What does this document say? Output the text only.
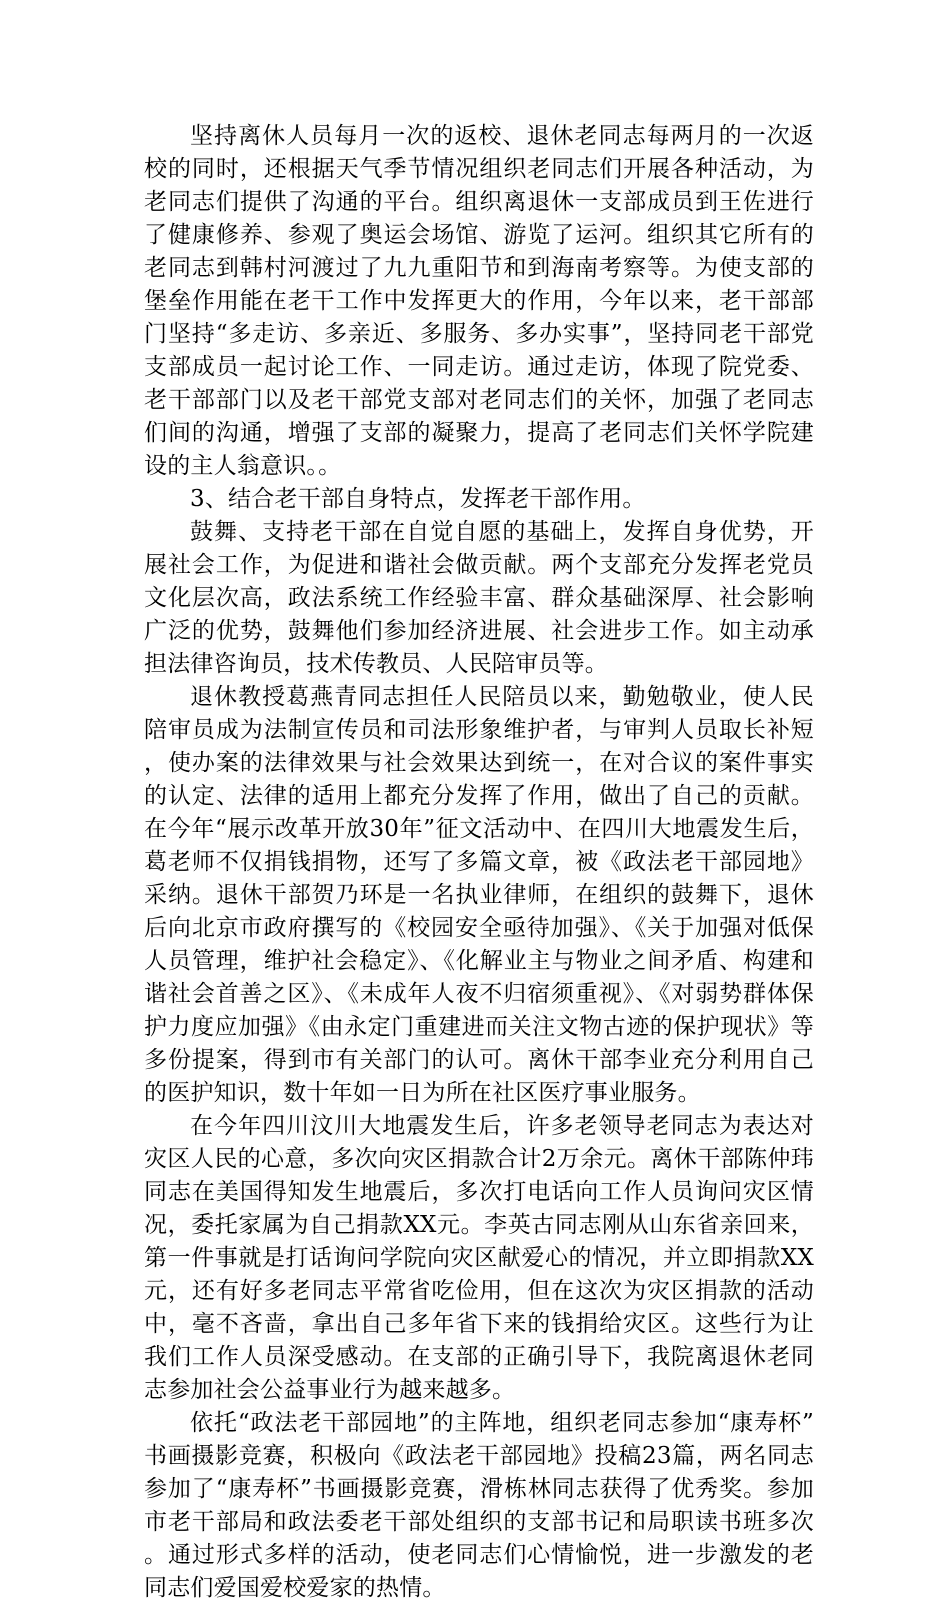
坚持离休人员每月一次的返校、退休老同志每两月的一次返校的同时，还根据天气季节情况组织老同志们开展各种活动，为老同志们提供了沟通的平台。组织离退休一支部成员到王佐进行了健康修养、参观了奥运会场馆、游览了运河。组织其它所有的老同志到韩村河渡过了九九重阳节和到海南考察等。为使支部的堡垒作用能在老干工作中发挥更大的作用，今年以来，老干部部门坚持“多走访、多亲近、多服务、多办实事”，坚持同老干部党支部成员一起讨论工作、一同走访。通过走访，体现了院党委、老干部部门以及老干部党支部对老同志们的关怀，加强了老同志们间的沟通，增强了支部的凝聚力，提高了老同志们关怀学院建设的主人翁意识。。

3、结合老干部自身特点，发挥老干部作用。

鼓舞、支持老干部在自觉自愿的基础上，发挥自身优势，开展社会工作，为促进和谐社会做贡献。两个支部充分发挥老党员文化层次高，政法系统工作经验丰富、群众基础深厚、社会影响广泛的优势，鼓舞他们参加经济进展、社会进步工作。如主动承担法律咨询员，技术传教员、人民陪审员等。

退休教授葛燕青同志担任人民陪员以来，勤勉敬业，使人民陪审员成为法制宣传员和司法形象维护者，与审判人员取长补短，使办案的法律效果与社会效果达到统一，在对合议的案件事实的认定、法律的适用上都充分发挥了作用，做出了自己的贡献。在今年“展示改革开放30年”征文活动中、在四川大地震发生后，葛老师不仅捐钱捐物，还写了多篇文章，被《政法老干部园地》采纳。退休干部贺乃环是一名执业律师，在组织的鼓舞下，退休后向北京市政府撰写的《校园安全亟待加强》、《关于加强对低保人员管理，维护社会稳定》、《化解业主与物业之间矛盾、构建和谐社会首善之区》、《未成年人夜不归宿须重视》、《对弱势群体保护力度应加强》《由永定门重建进而关注文物古迹的保护现状》等多份提案，得到市有关部门的认可。离休干部李业充分利用自己的医护知识，数十年如一日为所在社区医疗事业服务。

在今年四川汶川大地震发生后，许多老领导老同志为表达对灾区人民的心意，多次向灾区捐款合计2万余元。离休干部陈仲玮同志在美国得知发生地震后，多次打电话向工作人员询问灾区情况，委托家属为自己捐款XX元。李英古同志刚从山东省亲回来，第一件事就是打话询问学院向灾区献爱心的情况，并立即捐款XX元，还有好多老同志平常省吃俭用，但在这次为灾区捐款的活动中，毫不吝啬，拿出自己多年省下来的钱捐给灾区。这些行为让我们工作人员深受感动。在支部的正确引导下，我院离退休老同志参加社会公益事业行为越来越多。

依托“政法老干部园地”的主阵地，组织老同志参加“康寿杯”书画摄影竞赛，积极向《政法老干部园地》投稿23篇，两名同志参加了“康寿杯”书画摄影竞赛，滑栋林同志获得了优秀奖。参加市老干部局和政法委老干部处组织的支部书记和局职读书班多次。通过形式多样的活动，使老同志们心情愉悦，进一步激发的老同志们爱国爱校爱家的热情。
